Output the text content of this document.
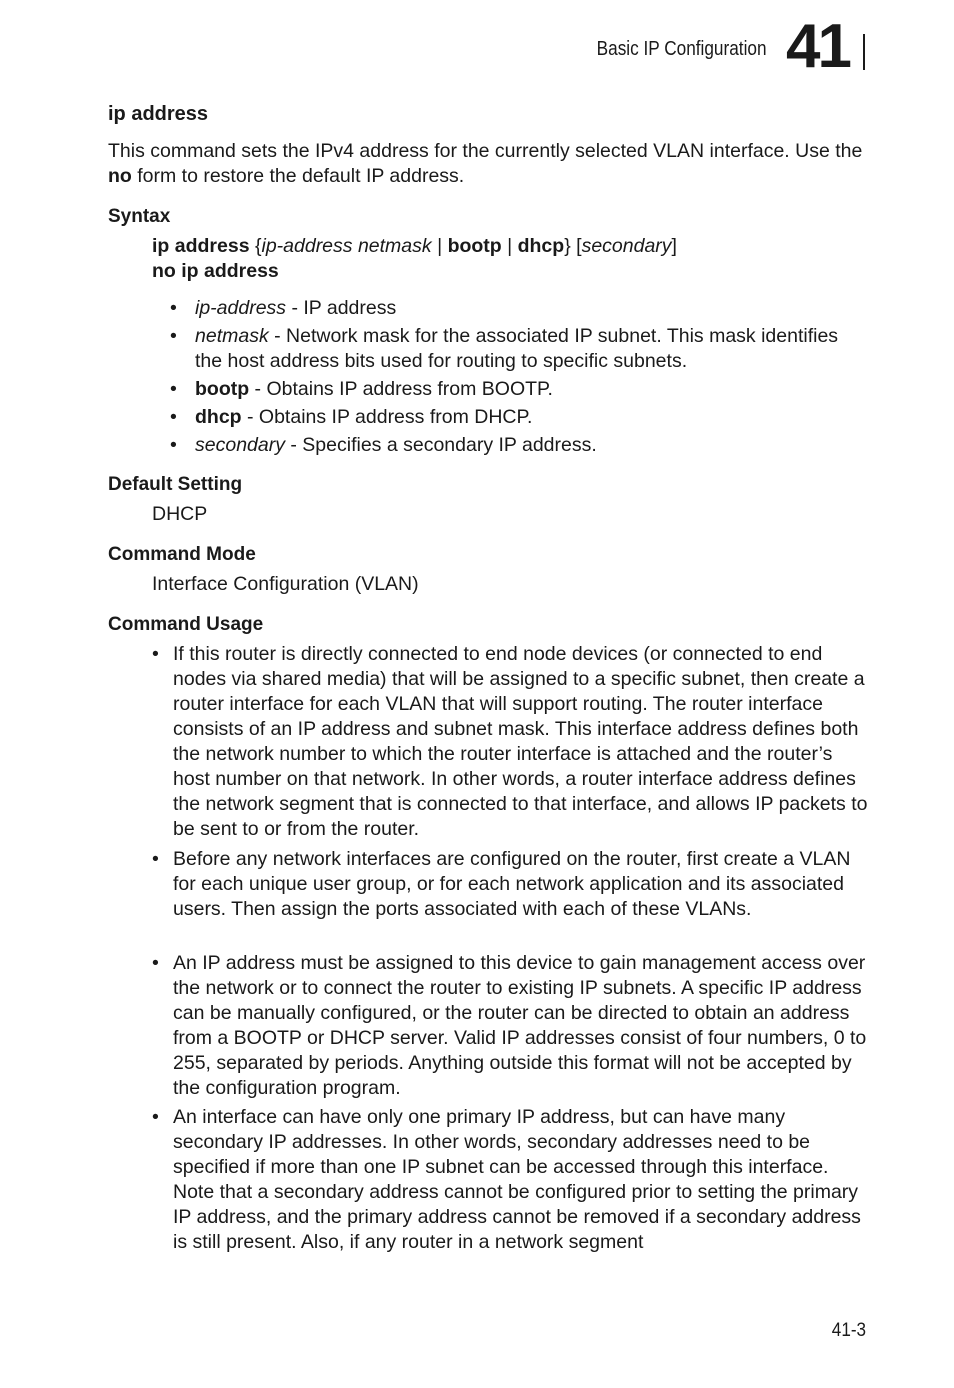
Basic IP Configuration 41
ip address
This command sets the IPv4 address for the currently selected VLAN interface. Use the no form to restore the default IP address.
Syntax
ip address {ip-address netmask | bootp | dhcp} [secondary]
no ip address
• ip-address - IP address
• netmask - Network mask for the associated IP subnet. This mask identifies the host address bits used for routing to specific subnets.
• bootp - Obtains IP address from BOOTP.
• dhcp - Obtains IP address from DHCP.
• secondary - Specifies a secondary IP address.
Default Setting
DHCP
Command Mode
Interface Configuration (VLAN)
Command Usage
• If this router is directly connected to end node devices (or connected to end nodes via shared media) that will be assigned to a specific subnet, then create a router interface for each VLAN that will support routing. The router interface consists of an IP address and subnet mask. This interface address defines both the network number to which the router interface is attached and the router’s host number on that network. In other words, a router interface address defines the network segment that is connected to that interface, and allows IP packets to be sent to or from the router.
• Before any network interfaces are configured on the router, first create a VLAN for each unique user group, or for each network application and its associated users. Then assign the ports associated with each of these VLANs.
• An IP address must be assigned to this device to gain management access over the network or to connect the router to existing IP subnets. A specific IP address can be manually configured, or the router can be directed to obtain an address from a BOOTP or DHCP server. Valid IP addresses consist of four numbers, 0 to 255, separated by periods. Anything outside this format will not be accepted by the configuration program.
• An interface can have only one primary IP address, but can have many secondary IP addresses. In other words, secondary addresses need to be specified if more than one IP subnet can be accessed through this interface. Note that a secondary address cannot be configured prior to setting the primary IP address, and the primary address cannot be removed if a secondary address is still present. Also, if any router in a network segment
41-3
